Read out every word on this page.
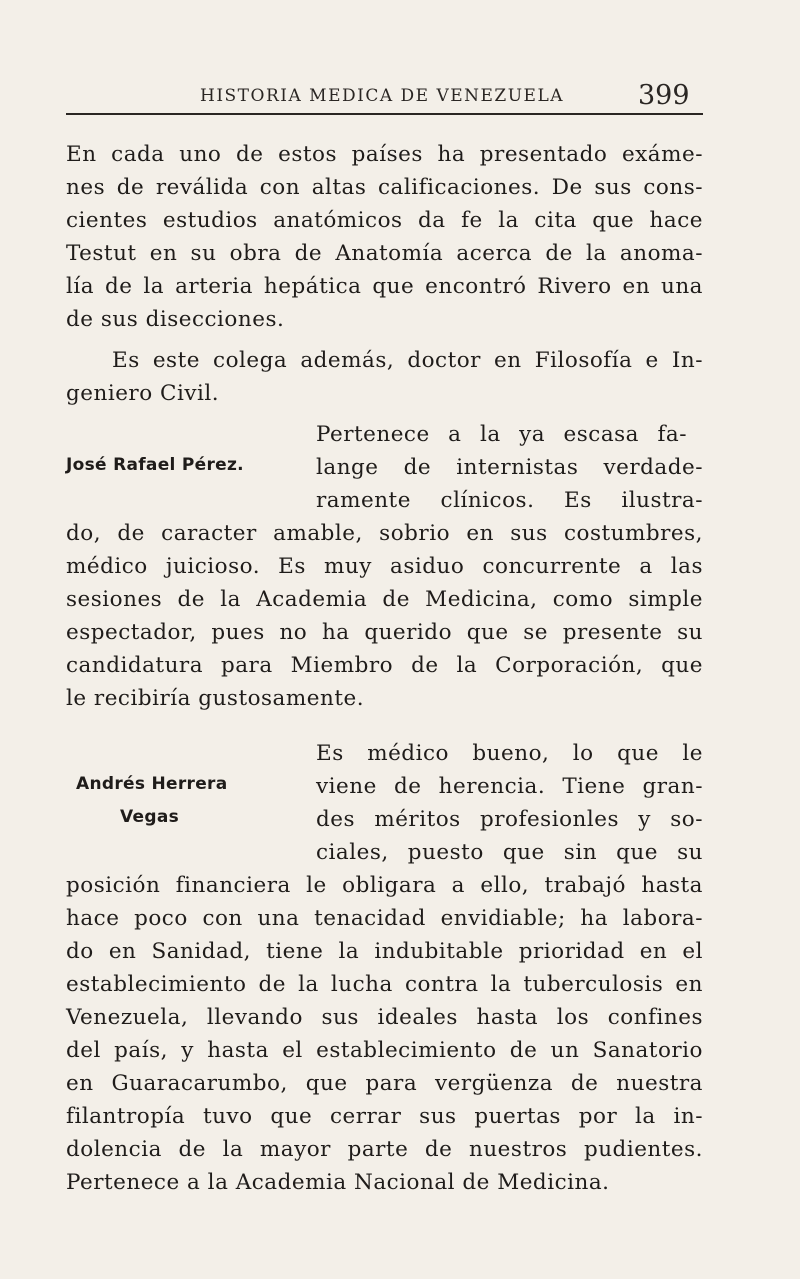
HISTORIA MEDICA DE VENEZUELA	399
En cada uno de estos países ha presentado exáme-
nes de reválida con altas calificaciones. De sus cons-
cientes estudios anatómicos da fe la cita que hace
Testut en su obra de Anatomía acerca de la anoma-
lía de la arteria hepática que encontró Rivero en una
de sus disecciones.
Es este colega además, doctor en Filosofía e In-
geniero Civil.
José Rafael Pérez.
Pertenece a la ya escasa fa-
lange de internistas verdade-
ramente clínicos. Es ilustra-
do, de caracter amable, sobrio en sus costumbres,
médico juicioso. Es muy asiduo concurrente a las
sesiones de la Academia de Medicina, como simple
espectador, pues no ha querido que se presente su
candidatura para Miembro de la Corporación, que
le recibiría gustosamente.
Andrés Herrera
Vegas
Es médico bueno, lo que le
viene de herencia. Tiene gran-
des méritos profesionles y so-
ciales, puesto que sin que su
posición financiera le obligara a ello, trabajó hasta
hace poco con una tenacidad envidiable; ha labora-
do en Sanidad, tiene la indubitable prioridad en el
establecimiento de la lucha contra la tuberculosis en
Venezuela, llevando sus ideales hasta los confines
del país, y hasta el establecimiento de un Sanatorio
en Guaracarumbo, que para vergüenza de nuestra
filantropía tuvo que cerrar sus puertas por la in-
dolencia de la mayor parte de nuestros pudientes.
Pertenece a la Academia Nacional de Medicina.
